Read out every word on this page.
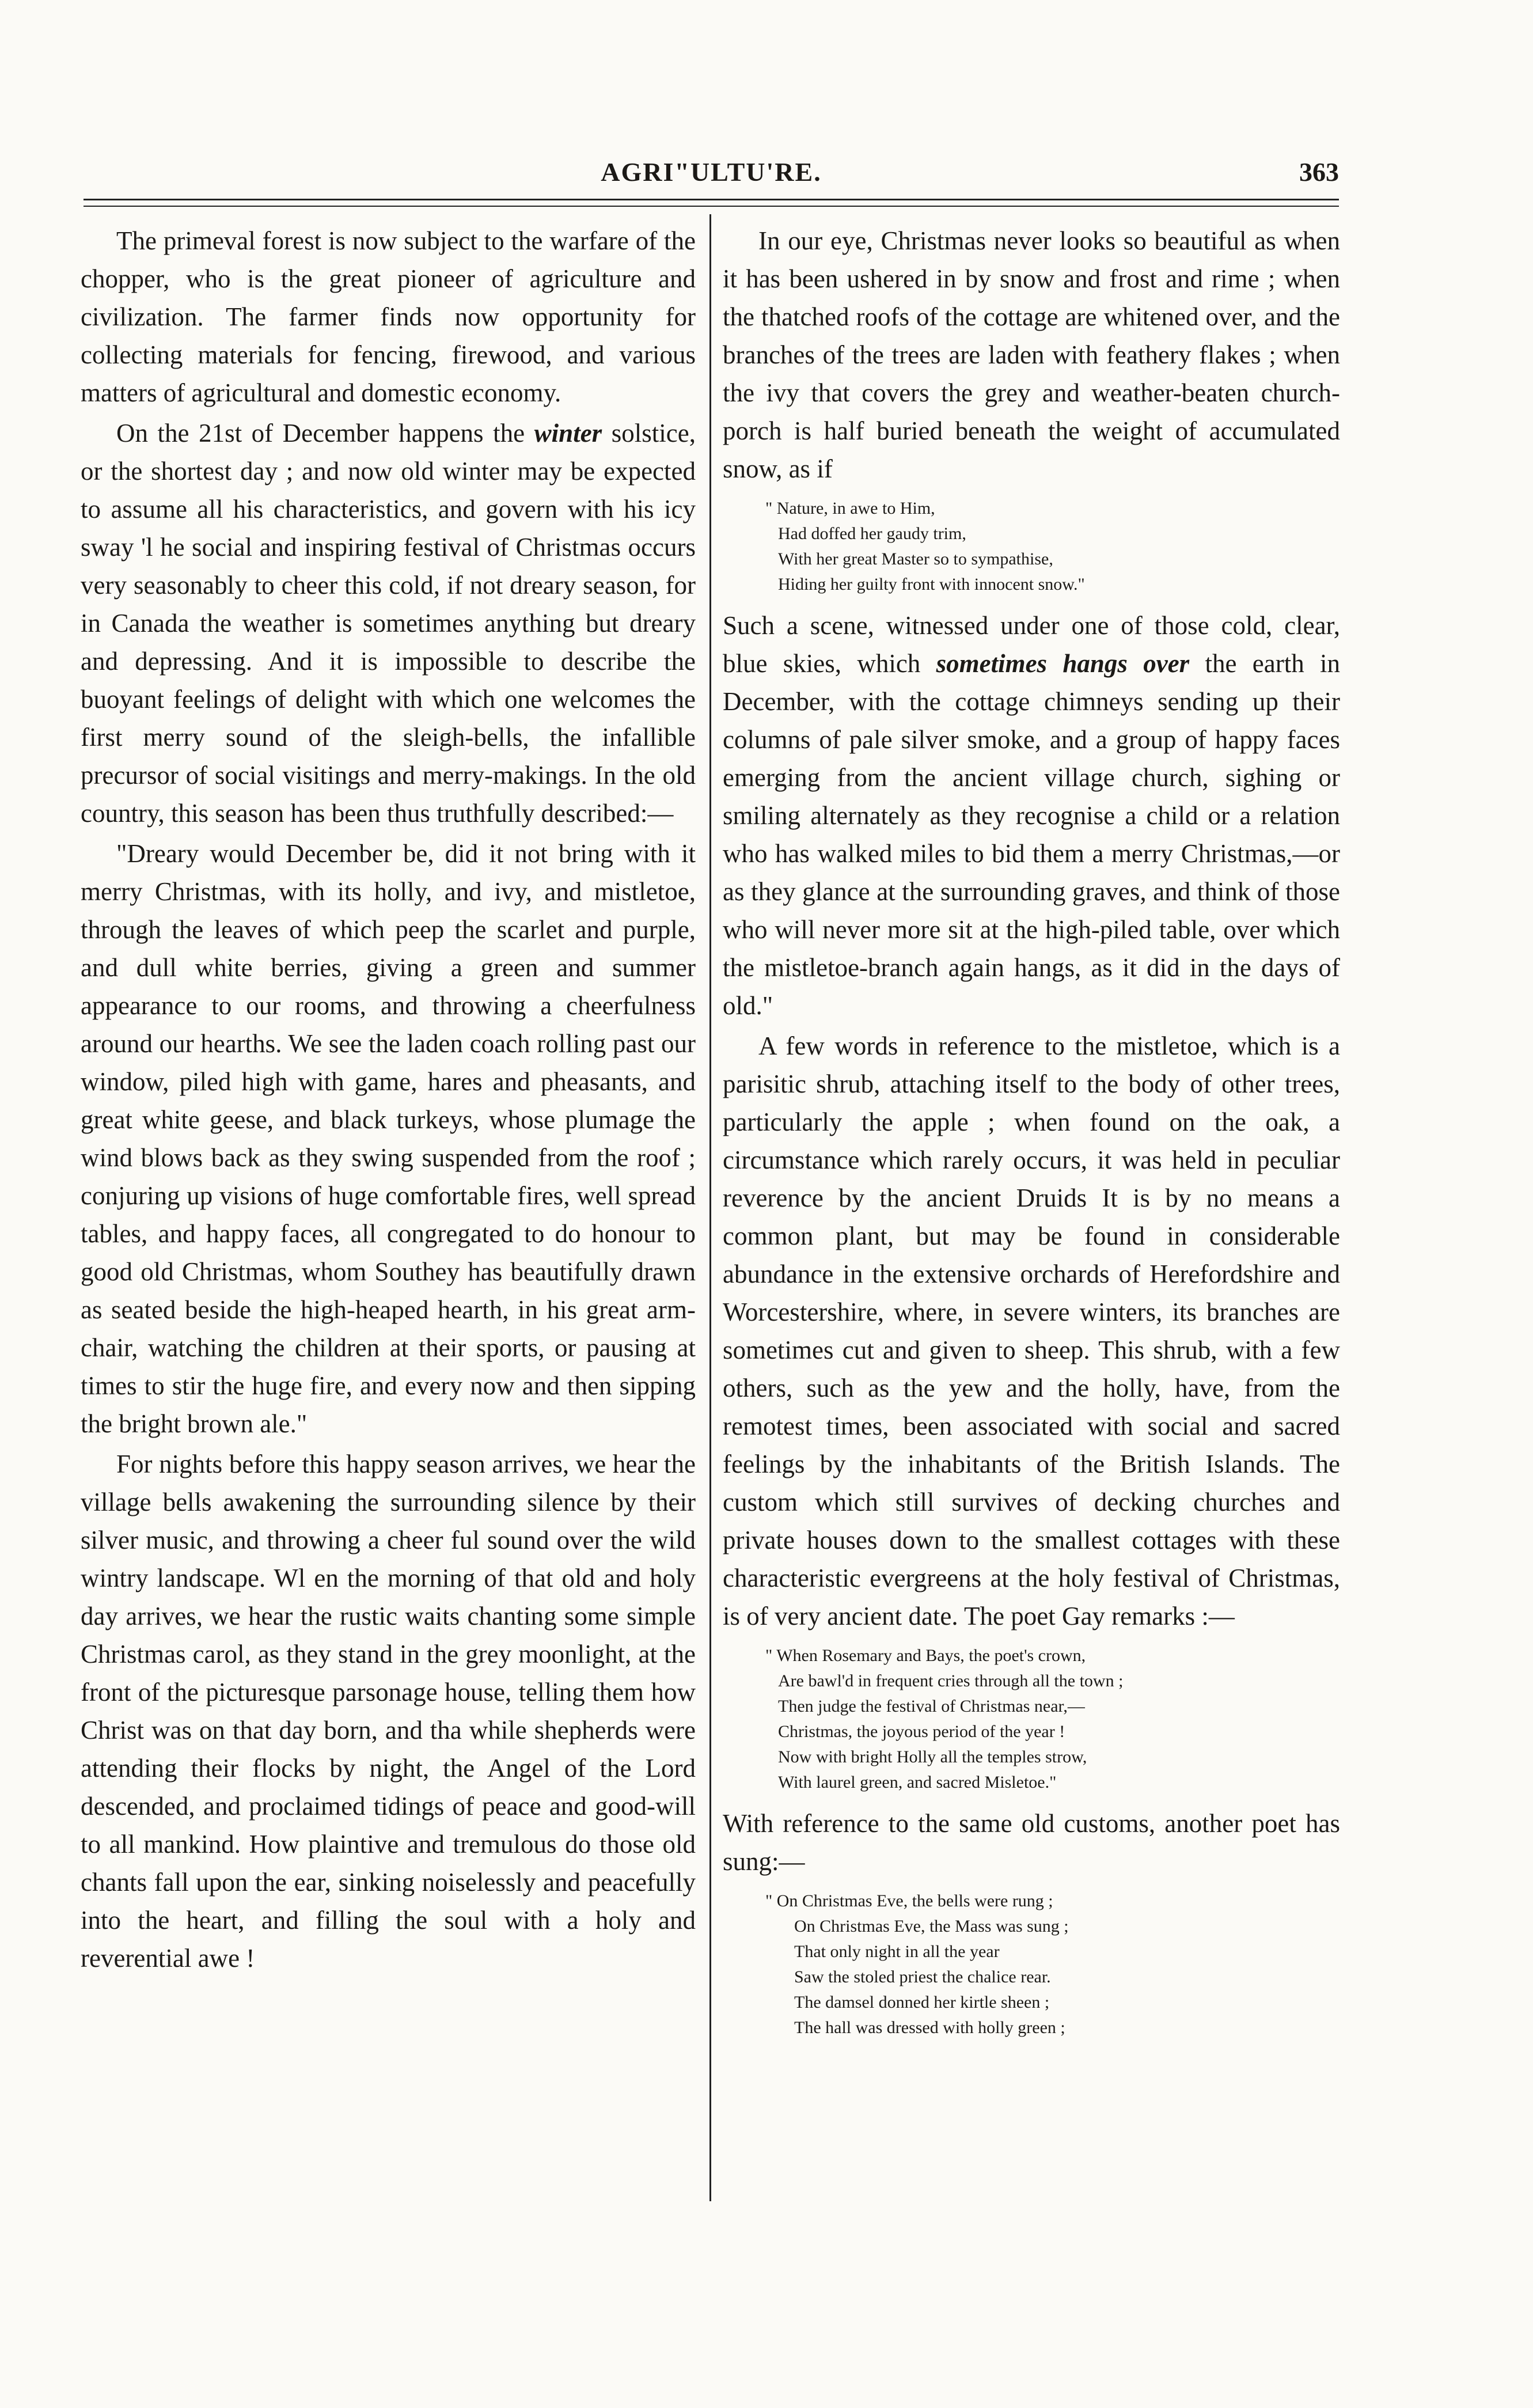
AGRI"ULTU'RE.	363

The primeval forest is now subject to the warfare of the chopper, who is the great pioneer of agriculture and civilization. The farmer finds now opportunity for collecting materials for fencing, firewood, and various matters of agricultural and domestic economy.

On the 21st of December happens the winter solstice, or the shortest day ; and now old winter may be expected to assume all his characteristics, and govern with his icy sway 'l he social and inspiring festival of Christmas occurs very seasonably to cheer this cold, if not dreary season, for in Canada the weather is sometimes anything but dreary and depressing. And it is impossible to describe the buoyant feelings of delight with which one welcomes the first merry sound of the sleigh-bells, the infallible precursor of social visitings and merry-makings. In the old country, this season has been thus truthfully described:—

"Dreary would December be, did it not bring with it merry Christmas, with its holly, and ivy, and mistletoe, through the leaves of which peep the scarlet and purple, and dull white berries, giving a green and summer appearance to our rooms, and throwing a cheerfulness around our hearths. We see the laden coach rolling past our window, piled high with game, hares and pheasants, and great white geese, and black turkeys, whose plumage the wind blows back as they swing suspended from the roof ; conjuring up visions of huge comfortable fires, well spread tables, and happy faces, all congregated to do honour to good old Christmas, whom Southey has beautifully drawn as seated beside the high-heaped hearth, in his great arm-chair, watching the children at their sports, or pausing at times to stir the huge fire, and every now and then sipping the bright brown ale."

For nights before this happy season arrives, we hear the village bells awakening the surrounding silence by their silver music, and throwing a cheer ful sound over the wild wintry landscape. Wl en the morning of that old and holy day arrives, we hear the rustic waits chanting some simple Christmas carol, as they stand in the grey moonlight, at the front of the picturesque parsonage house, telling them how Christ was on that day born, and tha while shepherds were attending their flocks by night, the Angel of the Lord descended, and proclaimed tidings of peace and good-will to all mankind. How plaintive and tremulous do those old chants fall upon the ear, sinking noiselessly and peacefully into the heart, and filling the soul with a holy and reverential awe !

In our eye, Christmas never looks so beautiful as when it has been ushered in by snow and frost and rime ; when the thatched roofs of the cottage are whitened over, and the branches of the trees are laden with feathery flakes ; when the ivy that covers the grey and weather-beaten church-porch is half buried beneath the weight of accumulated snow, as if

" Nature, in awe to Him,
Had doffed her gaudy trim,
With her great Master so to sympathise,
Hiding her guilty front with innocent snow."

Such a scene, witnessed under one of those cold, clear, blue skies, which sometimes hangs over the earth in December, with the cottage chimneys sending up their columns of pale silver smoke, and a group of happy faces emerging from the ancient village church, sighing or smiling alternately as they recognise a child or a relation who has walked miles to bid them a merry Christmas,—or as they glance at the surrounding graves, and think of those who will never more sit at the high-piled table, over which the mistletoe-branch again hangs, as it did in the days of old."

A few words in reference to the mistletoe, which is a parisitic shrub, attaching itself to the body of other trees, particularly the apple ; when found on the oak, a circumstance which rarely occurs, it was held in peculiar reverence by the ancient Druids It is by no means a common plant, but may be found in considerable abundance in the extensive orchards of Herefordshire and Worcestershire, where, in severe winters, its branches are sometimes cut and given to sheep. This shrub, with a few others, such as the yew and the holly, have, from the remotest times, been associated with social and sacred feelings by the inhabitants of the British Islands. The custom which still survives of decking churches and private houses down to the smallest cottages with these characteristic evergreens at the holy festival of Christmas, is of very ancient date. The poet Gay remarks :—

" When Rosemary and Bays, the poet's crown,
Are bawl'd in frequent cries through all the town ;
Then judge the festival of Christmas near,—
Christmas, the joyous period of the year !
Now with bright Holly all the temples strow,
With laurel green, and sacred Misletoe."

With reference to the same old customs, another poet has sung:—

" On Christmas Eve, the bells were rung ;
On Christmas Eve, the Mass was sung ;
That only night in all the year
Saw the stoled priest the chalice rear.
The damsel donned her kirtle sheen ;
The hall was dressed with holly green ;
